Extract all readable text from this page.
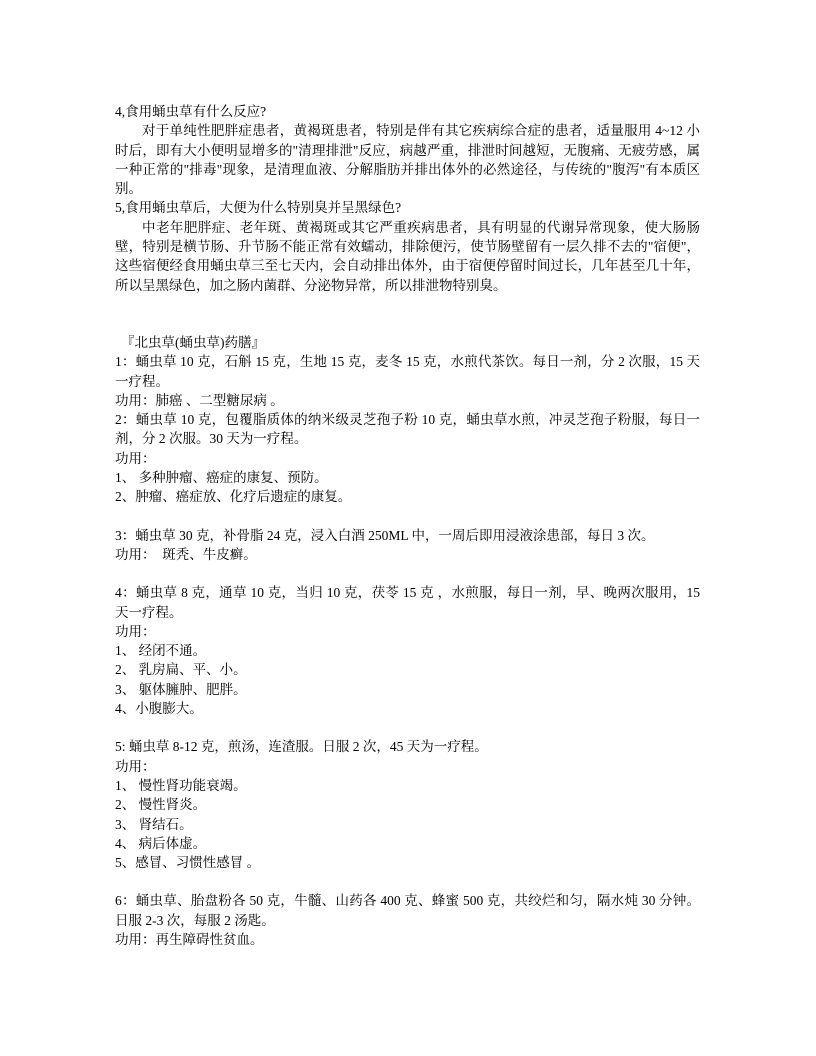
4,食用蛹虫草有什么反应?

对于单纯性肥胖症患者，黄褐斑患者，特别是伴有其它疾病综合症的患者，适量服用 4~12 小时后，即有大小便明显增多的"清理排泄"反应，病越严重，排泄时间越短，无腹痛、无疲劳感，属一种正常的"排毒"现象，是清理血液、分解脂肪并排出体外的必然途径，与传统的"腹泻"有本质区别。

5,食用蛹虫草后，大便为什么特别臭并呈黑绿色?

中老年肥胖症、老年斑、黄褐斑或其它严重疾病患者，具有明显的代谢异常现象，使大肠肠壁，特别是横节肠、升节肠不能正常有效蠕动，排除便污，使节肠壁留有一层久排不去的"宿便"，这些宿便经食用蛹虫草三至七天内，会自动排出体外，由于宿便停留时间过长，几年甚至几十年，所以呈黑绿色，加之肠内菌群、分泌物异常，所以排泄物特别臭。

『北虫草(蛹虫草)药膳』

1：蛹虫草 10 克，石斛 15 克，生地 15 克，麦冬 15 克，水煎代茶饮。每日一剂，分 2 次服，15 天一疗程。

功用：肺癌 、二型糖尿病 。

2：蛹虫草 10 克，包覆脂质体的纳米级灵芝孢子粉 10 克，蛹虫草水煎，冲灵芝孢子粉服，每日一剂，分 2 次服。30 天为一疗程。

功用：

1、 多种肿瘤、癌症的康复、预防。

2、肿瘤、癌症放、化疗后遗症的康复。

3：蛹虫草 30 克，补骨脂 24 克，浸入白酒 250ML 中，一周后即用浸液涂患部，每日 3 次。

功用：  斑秃、牛皮癣。

4：蛹虫草 8 克，通草 10 克，当归 10 克，茯苓 15 克 ，水煎服，每日一剂，早、晚两次服用，15 天一疗程。

功用：

1、 经闭不通。

2、 乳房扁、平、小。

3、 躯体臃肿、肥胖。

4、小腹膨大。

5: 蛹虫草 8-12 克，煎汤，连渣服。日服 2 次，45 天为一疗程。

功用：

1、 慢性肾功能衰竭。

2、 慢性肾炎。

3、 肾结石。

4、 病后体虚。

5、感冒、习惯性感冒 。

6：蛹虫草、胎盘粉各 50 克，牛髓、山药各 400 克、蜂蜜 500 克，共绞烂和匀，隔水炖 30 分钟。日服 2-3 次，每服 2 汤匙。

功用：再生障碍性贫血。
